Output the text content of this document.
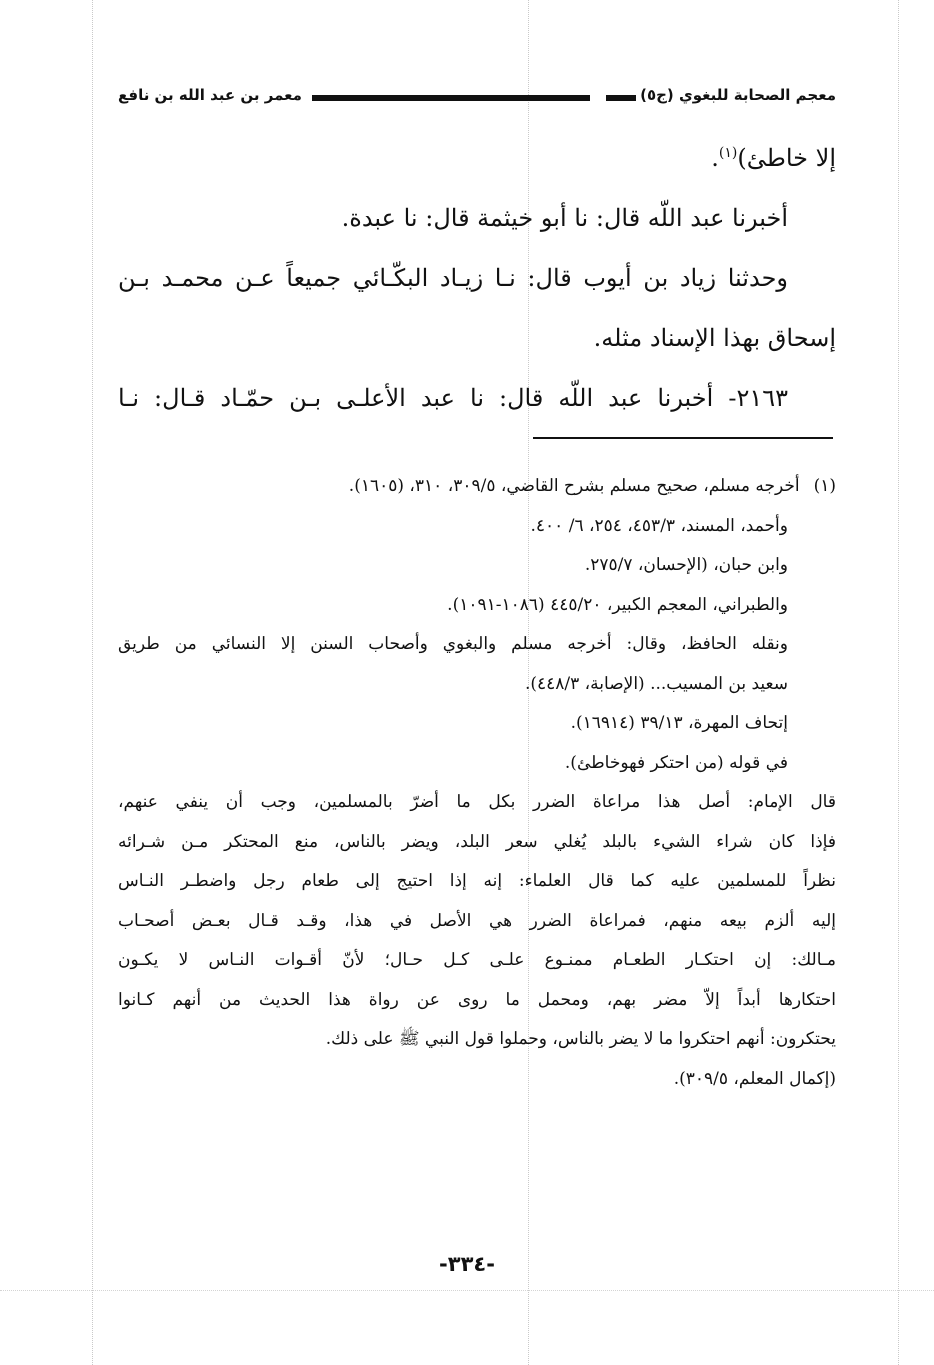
معجم الصحابة للبغوي (ج٥)
معمر بن عبد الله بن نافع
إلا خاطئ)$^{(١)}$.
أخبرنا عبد اللّه قال: نا أبو خيثمة قال: نا عبدة.
وحدثنا زياد بن أيوب قال: نـا زيـاد البكّـائي جميعاً عـن محمـد بـن
إسحاق بهذا الإسناد مثله.
٢١٦٣- أخبرنا عبد اللّه قال: نا عبد الأعلـى بـن حمّـاد قـال: نـا
(١)أخرجه مسلم، صحيح مسلم بشرح القاضي، ٣٠٩/٥، ٣١٠، (١٦٠٥).
وأحمد، المسند، ٤٥٣/٣، ٢٥٤، ٦/ ٤٠٠.
وابن حبان، (الإحسان، ٢٧٥/٧.
والطبراني، المعجم الكبير، ٤٤٥/٢٠ (١٠٨٦-١٠٩١).
ونقله الحافظ، وقال: أخرجه مسلم والبغوي وأصحاب السنن إلا النسائي من طريق
سعيد بن المسيب... (الإصابة، ٤٤٨/٣).
إتحاف المهرة، ٣٩/١٣ (١٦٩١٤).
في قوله (من احتكر فهوخاطئ).
قال الإمام: أصل هذا مراعاة الضرر بكل ما أضرّ بالمسلمين، وجب أن ينفي عنهم،
فإذا كان شراء الشيء بالبلد يُغلي سعر البلد، ويضر بالناس، منع المحتكر مـن شـرائه
نظراً للمسلمين عليه كما قال العلماء: إنه إذا احتيج إلى طعام رجل واضطـر النـاس
إليه ألزم بيعه منهم، فمراعاة الضرر هي الأصل في هذا، وقـد قـال بعـض أصحـاب
مـالك: إن احتكـار الطعـام ممنـوع علـى كـل حـال؛ لأنّ أقـوات النـاس لا يكـون
احتكارها أبداً إلاّ مضر بهم، ومحمل ما روى عن رواة هذا الحديث من أنهم كـانوا
يحتكرون: أنهم احتكروا ما لا يضر بالناس، وحملوا قول النبي ﷺ على ذلك.
(إكمال المعلم، ٣٠٩/٥).
-٣٣٤-
